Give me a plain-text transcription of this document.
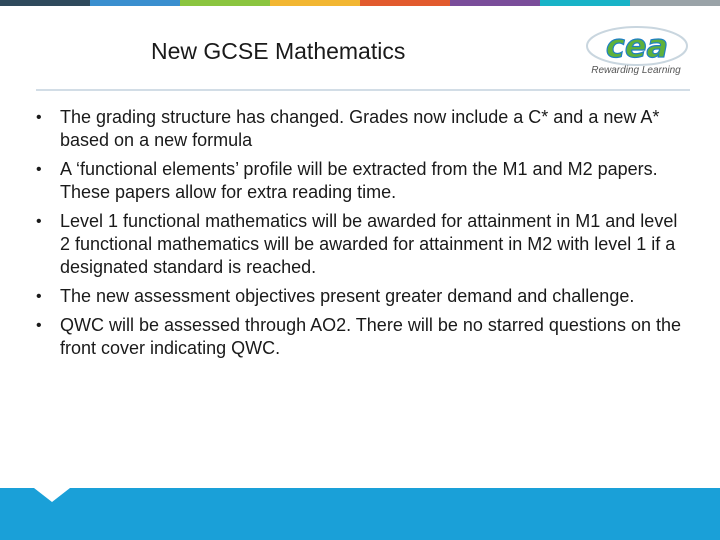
New GCSE Mathematics	cea
Rewarding Learning
• The grading structure has changed. Grades now include a C* and a new A* based on a new formula
• A ‘functional elements’ profile will be extracted from the M1 and M2 papers. These papers allow for extra reading time.
• Level 1 functional mathematics will be awarded for attainment in M1 and level 2 functional mathematics will be awarded for attainment in M2 with level 1 if a designated standard is reached.
• The new assessment objectives present greater demand and challenge.
• QWC will be assessed through AO2. There will be no starred questions on the front cover indicating QWC.
